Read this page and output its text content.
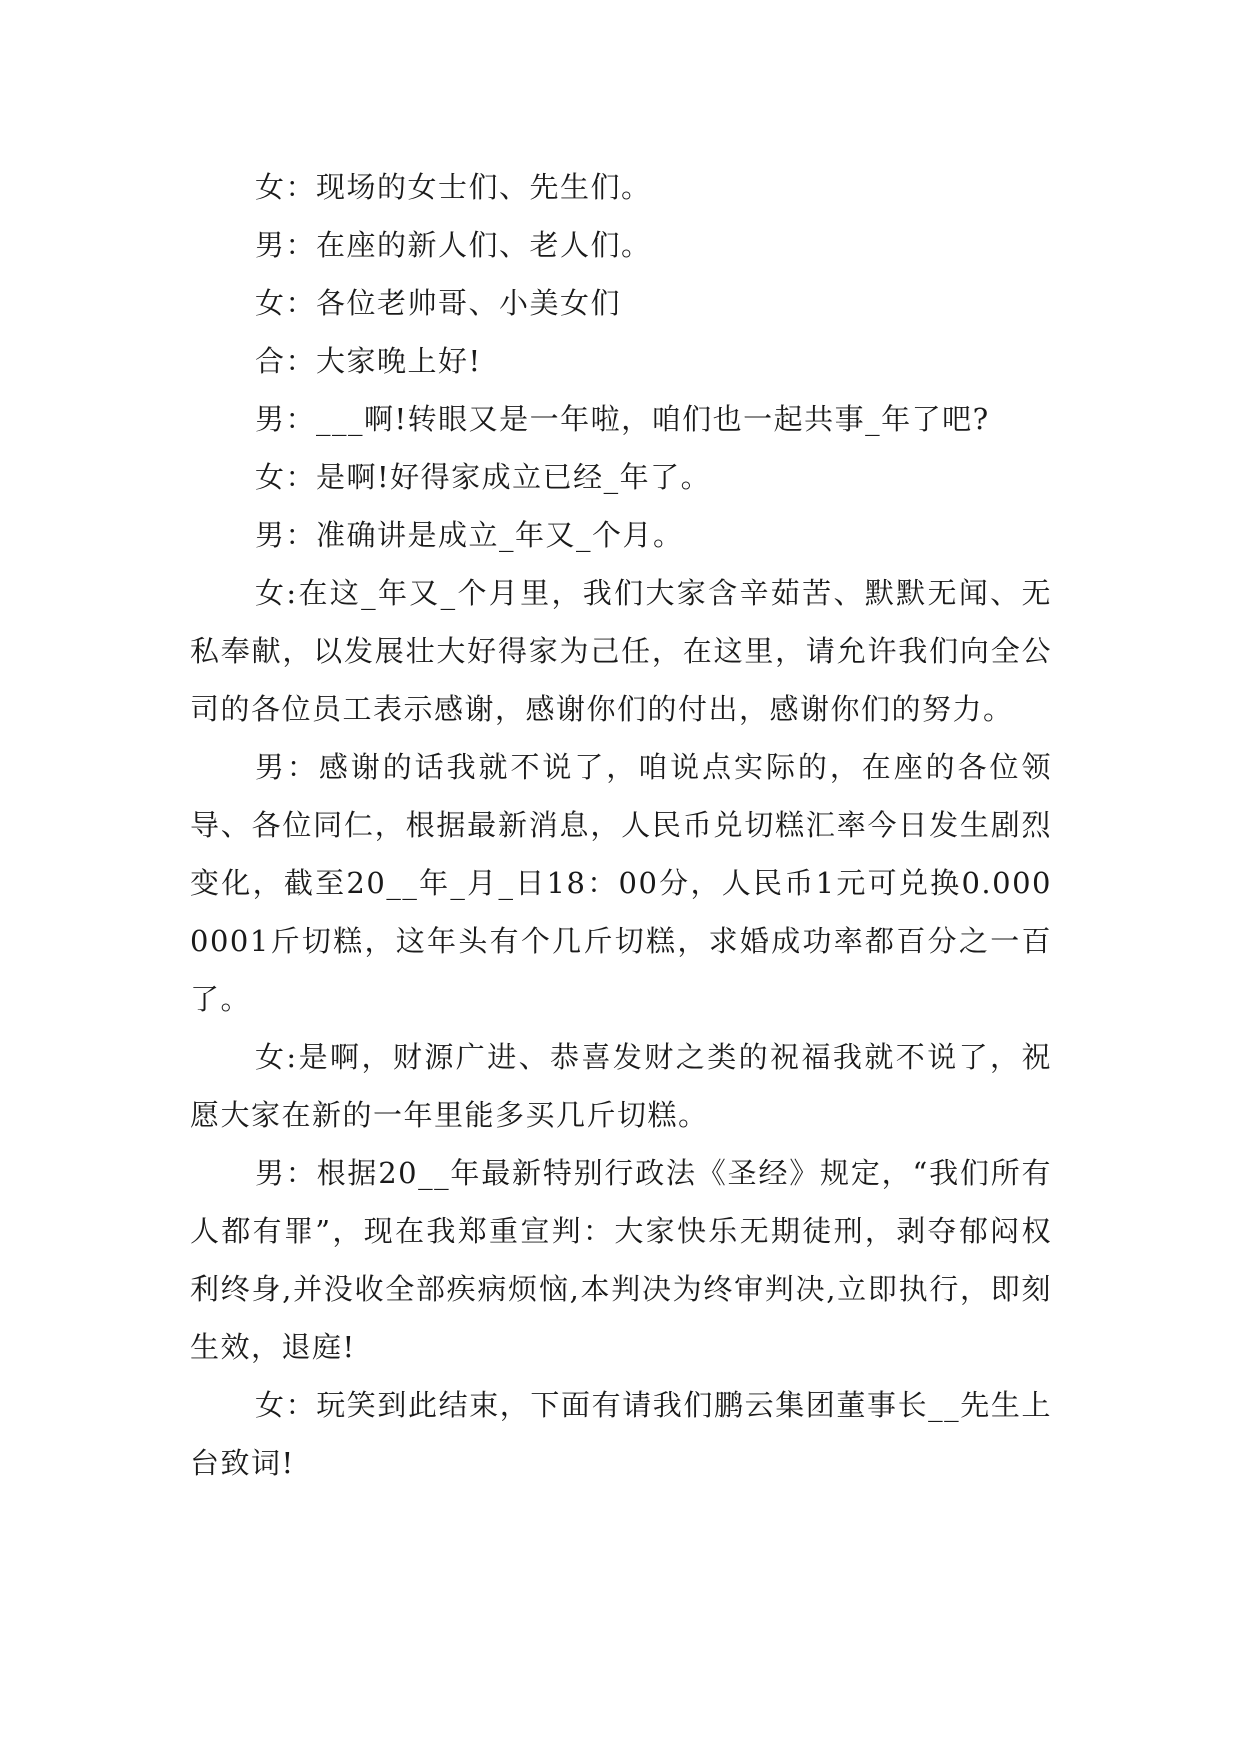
女：现场的女士们、先生们。

男：在座的新人们、老人们。

女：各位老帅哥、小美女们

合：大家晚上好!

男：___啊!转眼又是一年啦，咱们也一起共事_年了吧?

女：是啊!好得家成立已经_年了。

男：准确讲是成立_年又_个月。

女:在这_年又_个月里，我们大家含辛茹苦、默默无闻、无私奉献，以发展壮大好得家为己任，在这里，请允许我们向全公司的各位员工表示感谢，感谢你们的付出，感谢你们的努力。

男：感谢的话我就不说了，咱说点实际的，在座的各位领导、各位同仁，根据最新消息，人民币兑切糕汇率今日发生剧烈变化，截至20__年_月_日18：00分，人民币1元可兑换0.0000001斤切糕，这年头有个几斤切糕，求婚成功率都百分之一百了。

女:是啊，财源广进、恭喜发财之类的祝福我就不说了，祝愿大家在新的一年里能多买几斤切糕。

男：根据20__年最新特别行政法《圣经》规定，“我们所有人都有罪”，现在我郑重宣判：大家快乐无期徒刑，剥夺郁闷权利终身,并没收全部疾病烦恼,本判决为终审判决,立即执行，即刻生效，退庭!

女：玩笑到此结束，下面有请我们鹏云集团董事长__先生上台致词!
